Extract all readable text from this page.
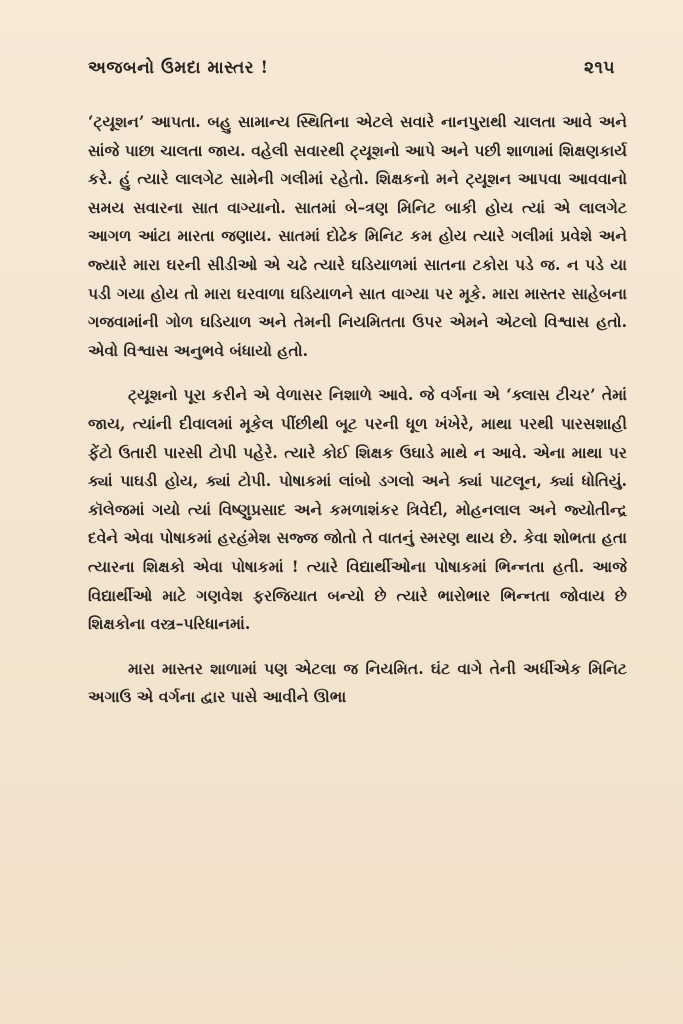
અજબનો ઉમદા માસ્તર !	૨૧૫

‘ટ્યૂશન’ આપતા. બહુ સામાન્ય સ્થિતિના એટલે સવારે નાનપુરાથી ચાલતા આવે અને સાંજે પાછા ચાલતા જાય. વહેલી સવારથી ટ્યૂશનો આપે અને પછી શાળામાં શિક્ષણકાર્ય કરે. હું ત્યારે લાલગેટ સામેની ગલીમાં રહેતો. શિક્ષકનો મને ટ્યૂશન આપવા આવવાનો સમય સવારના સાત વાગ્યાનો. સાતમાં બે–ત્રણ મિનિટ બાકી હોય ત્યાં એ લાલગેટ આગળ આંટા મારતા જણાય. સાતમાં દોઢેક મિનિટ કમ હોય ત્યારે ગલીમાં પ્રવેશે અને જ્યારે મારા ઘરની સીડીઓ એ ચઢે ત્યારે ઘડિયાળમાં સાતના ટકોરા પડે જ. ન પડે યા પડી ગયા હોય તો મારા ઘરવાળા ઘડિયાળને સાત વાગ્યા પર મૂકે. મારા માસ્તર સાહેબના ગજવામાંની ગોળ ઘડિયાળ અને તેમની નિયમિતતા ઉપર એમને એટલો વિશ્વાસ હતો. એવો વિશ્વાસ અનુભવે બંધાયો હતો.

ટ્યૂશનો પૂરા કરીને એ વેળાસર નિશાળે આવે. જે વર્ગના એ ‘ક્લાસ ટીચર’ તેમાં જાય, ત્યાંની દીવાલમાં મૂકેલ પીંછીથી બૂટ પરની ધૂળ ખંખેરે, માથા પરથી પારસશાહી ફેંટો ઉતારી પારસી ટોપી પહેરે. ત્યારે કોઈ શિક્ષક ઉઘાડે માથે ન આવે. એના માથા પર ક્યાં પાઘડી હોય, ક્યાં ટોપી. પોષાકમાં લાંબો ડગલો અને ક્યાં પાટલૂન, ક્યાં ધોતિયું. કૉલેજમાં ગયો ત્યાં વિષ્ણુપ્રસાદ અને કમળાશંકર ત્રિવેદી, મોહનલાલ અને જ્યોતીન્દ્ર દવેને એવા પોષાકમાં હરહંમેશ સજ્જ જોતો તે વાતનું સ્મરણ થાય છે. કેવા શોભતા હતા ત્યારના શિક્ષકો એવા પોષાકમાં ! ત્યારે વિદ્યાર્થીઓના પોષાકમાં ભિન્નતા હતી. આજે વિદ્યાર્થીઓ માટે ગણવેશ ફરજિયાત બન્યો છે ત્યારે ભારોભાર ભિન્નતા જોવાય છે શિક્ષકોના વસ્ત્ર–પરિધાનમાં.

મારા માસ્તર શાળામાં પણ એટલા જ નિયમિત. ઘંટ વાગે તેની અર્ધીએક મિનિટ અગાઉ એ વર્ગના દ્વાર પાસે આવીને ઊભા
